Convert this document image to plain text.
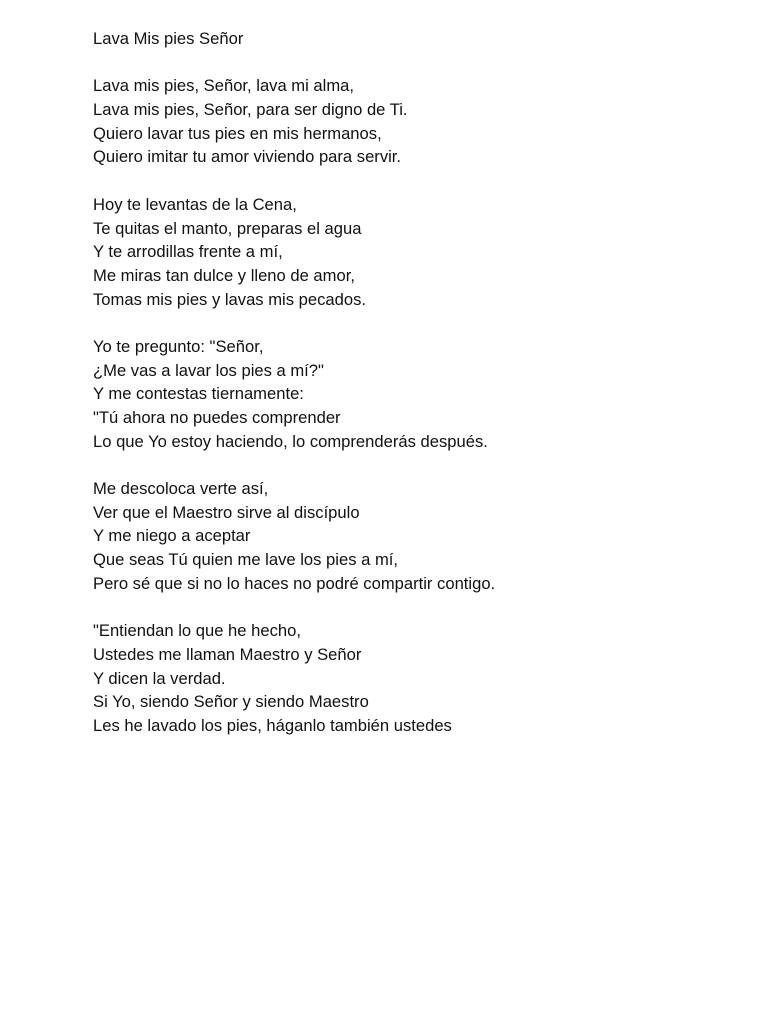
Lava Mis pies Señor
Lava mis pies, Señor, lava mi alma,
Lava mis pies, Señor, para ser digno de Ti.
Quiero lavar tus pies en mis hermanos,
Quiero imitar tu amor viviendo para servir.
Hoy te levantas de la Cena,
Te quitas el manto, preparas el agua
Y te arrodillas frente a mí,
Me miras tan dulce y lleno de amor,
Tomas mis pies y lavas mis pecados.
Yo te pregunto: "Señor,
¿Me vas a lavar los pies a mí?"
Y me contestas tiernamente:
"Tú ahora no puedes comprender
Lo que Yo estoy haciendo, lo comprenderás después.
Me descoloca verte así,
Ver que el Maestro sirve al discípulo
Y me niego a aceptar
Que seas Tú quien me lave los pies a mí,
Pero sé que si no lo haces no podré compartir contigo.
"Entiendan lo que he hecho,
Ustedes me llaman Maestro y Señor
Y dicen la verdad.
Si Yo, siendo Señor y siendo Maestro
Les he lavado los pies, háganlo también ustedes
